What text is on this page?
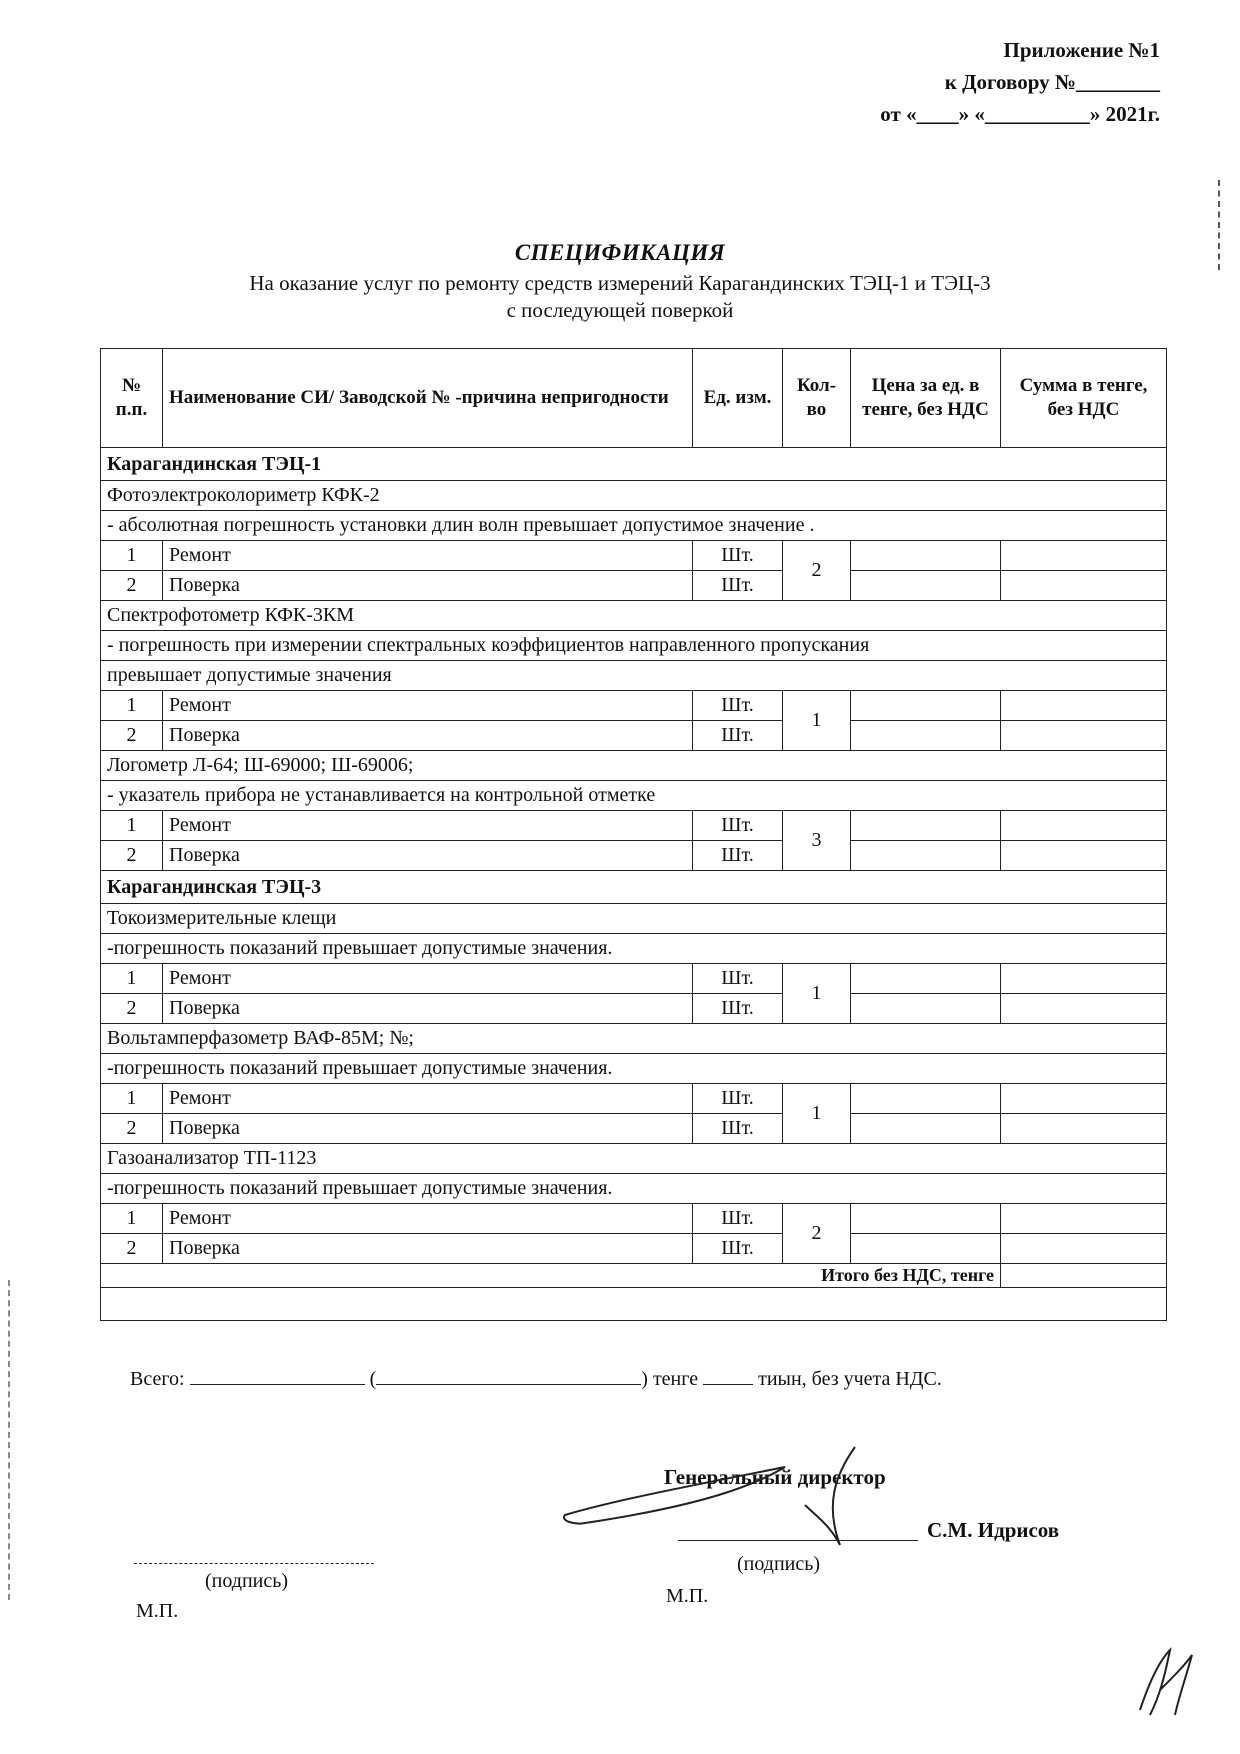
Приложение №1
к Договору №________
от «____» «__________» 2021г.
СПЕЦИФИКАЦИЯ
На оказание услуг по ремонту средств измерений Карагандинских ТЭЦ-1 и ТЭЦ-3
с последующей поверкой
№ п.п.	Наименование СИ/ Заводской № -причина непригодности	Ед. изм.	Кол-во	Цена за ед. в тенге, без НДС	Сумма в тенге, без НДС
Карагандинская ТЭЦ-1					
Фотоэлектроколориметр КФК-2					
- абсолютная погрешность установки длин волн превышает допустимое значение .					
1	Ремонт	Шт.	2		
2	Поверка	Шт.			
Спектрофотометр КФК-3КМ					
- погрешность при измерении спектральных коэффициентов направленного пропускания					
превышает допустимые значения					
1	Ремонт	Шт.	1		
2	Поверка	Шт.			
Логометр Л-64; Ш-69000; Ш-69006;					
- указатель прибора не устанавливается на контрольной отметке					
1	Ремонт	Шт.	3		
2	Поверка	Шт.			
Карагандинская ТЭЦ-3					
Токоизмерительные клещи					
-погрешность показаний превышает допустимые значения.					
1	Ремонт	Шт.	1		
2	Поверка	Шт.			
Вольтамперфазометр ВАФ-85М; №;					
-погрешность показаний превышает допустимые значения.					
1	Ремонт	Шт.	1		
2	Поверка	Шт.			
Газоанализатор ТП-1123					
-погрешность показаний превышает допустимые значения.					
1	Ремонт	Шт.	2		
2	Поверка	Шт.			
Итого без НДС, тенге					

Всего:	(	) тенге	тиын, без учета НДС.
Генеральный директор
С.М. Идрисов
(подпись)
(подпись)
М.П.
М.П.
